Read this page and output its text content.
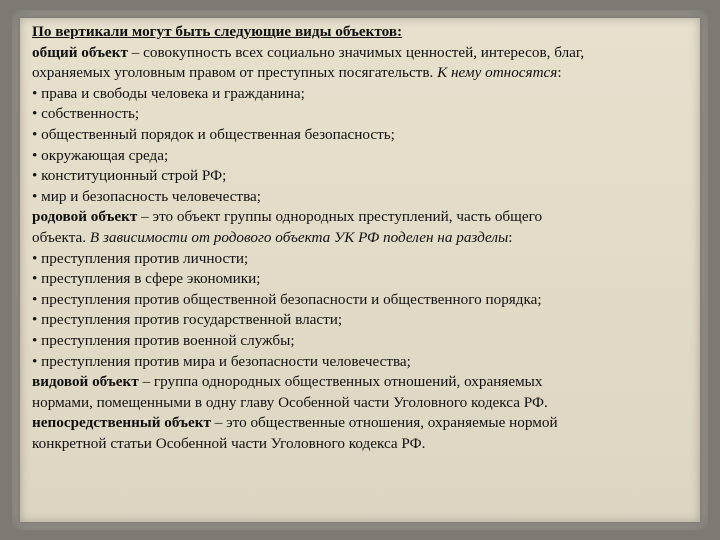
По вертикали могут быть следующие виды объектов:

общий объект – совокупность всех социально значимых ценностей, интересов, благ,

охраняемых уголовным правом от преступных посягательств. К нему относятся:

• права и свободы человека и гражданина;

• собственность;

• общественный порядок и общественная безопасность;

• окружающая среда;

• конституционный строй РФ;

• мир и безопасность человечества;

родовой объект – это объект группы однородных преступлений, часть общего

объекта. В зависимости от родового объекта УК РФ поделен на разделы:

• преступления против личности;

• преступления в сфере экономики;

• преступления против общественной безопасности и общественного порядка;

• преступления против государственной власти;

• преступления против военной службы;

• преступления против мира и безопасности человечества;

видовой объект – группа однородных общественных отношений, охраняемых

нормами, помещенными в одну главу Особенной части Уголовного кодекса РФ.

непосредственный объект – это общественные отношения, охраняемые нормой

конкретной статьи Особенной части Уголовного кодекса РФ.
